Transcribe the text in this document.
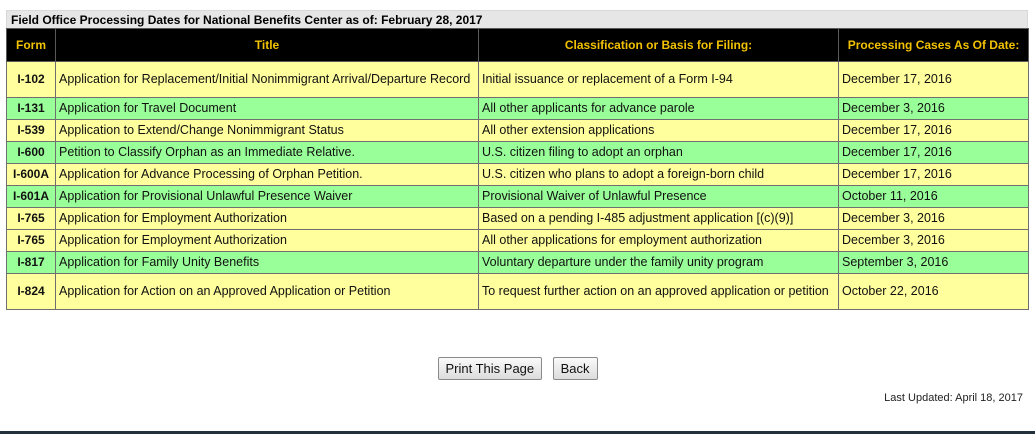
Field Office Processing Dates for National Benefits Center as of: February 28, 2017
Form	Title	Classification or Basis for Filing:	Processing Cases As Of Date:
I-102	Application for Replacement/Initial Nonimmigrant Arrival/Departure Record	Initial issuance or replacement of a Form I-94	December 17, 2016
I-131	Application for Travel Document	All other applicants for advance parole	December 3, 2016
I-539	Application to Extend/Change Nonimmigrant Status	All other extension applications	December 17, 2016
I-600	Petition to Classify Orphan as an Immediate Relative.	U.S. citizen filing to adopt an orphan	December 17, 2016
I-600A	Application for Advance Processing of Orphan Petition.	U.S. citizen who plans to adopt a foreign-born child	December 17, 2016
I-601A	Application for Provisional Unlawful Presence Waiver	Provisional Waiver of Unlawful Presence	October 11, 2016
I-765	Application for Employment Authorization	Based on a pending I-485 adjustment application [(c)(9)]	December 3, 2016
I-765	Application for Employment Authorization	All other applications for employment authorization	December 3, 2016
I-817	Application for Family Unity Benefits	Voluntary departure under the family unity program	September 3, 2016
I-824	Application for Action on an Approved Application or Petition	To request further action on an approved application or petition	October 22, 2016
Print This Page Back
Last Updated: April 18, 2017
